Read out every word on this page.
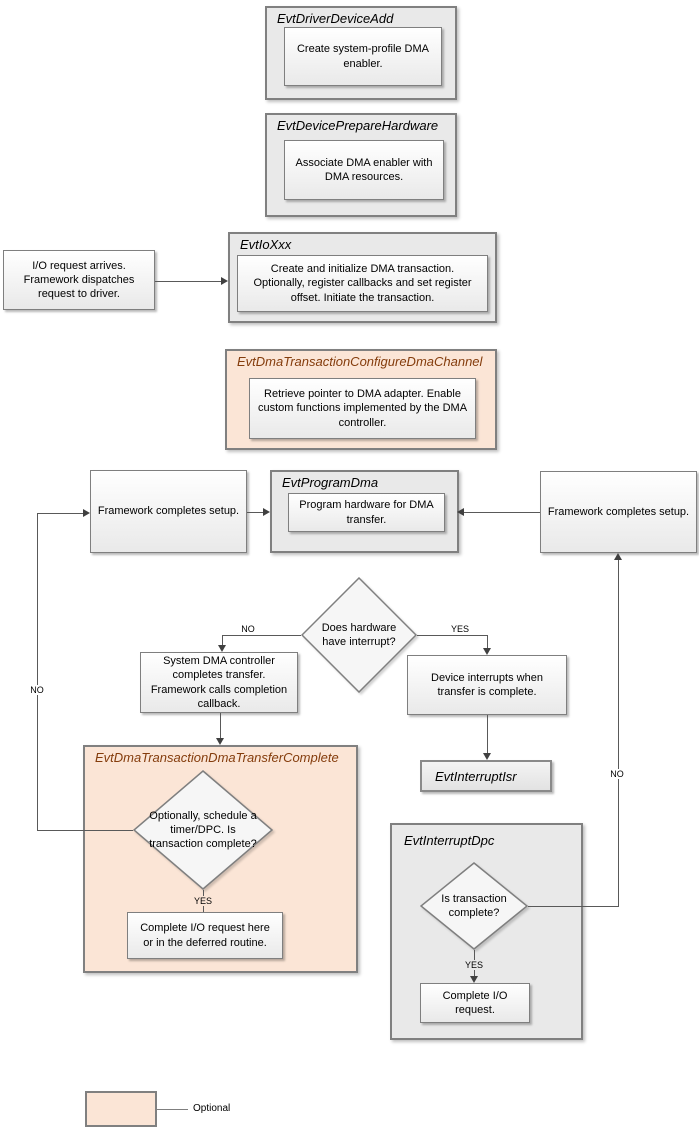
EvtDriverDeviceAdd
Create system-profile DMA enabler.
EvtDevicePrepareHardware
Associate DMA enabler with DMA resources.
I/O request arrives. Framework dispatches request to driver.
EvtIoXxx
Create and initialize DMA transaction. Optionally, register callbacks and set register offset. Initiate the transaction.
EvtDmaTransactionConfigureDmaChannel
Retrieve pointer to DMA adapter. Enable custom functions implemented by the DMA controller.
Framework completes setup.
EvtProgramDma
Program hardware for DMA transfer.
Framework completes setup.
Does hardware have interrupt?
System DMA controller completes transfer. Framework calls completion callback.
Device interrupts when transfer is complete.
EvtInterruptIsr
EvtDmaTransactionDmaTransferComplete
Optionally, schedule a timer/DPC. Is transaction complete?
YES
Complete I/O request here or in the deferred routine.
EvtInterruptDpc
Is transaction complete?
YES
Complete I/O request.
NO
NO	YES
NO
Optional
